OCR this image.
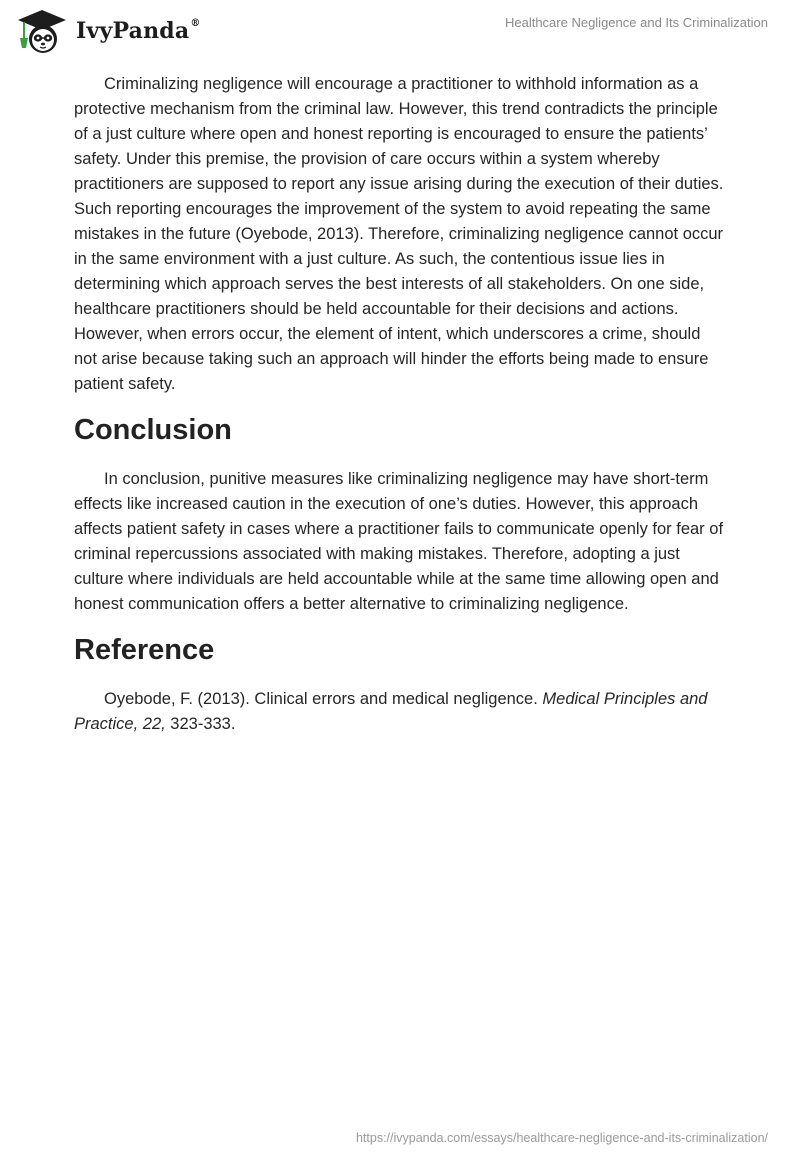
IvyPanda®	Healthcare Negligence and Its Criminalization

Criminalizing negligence will encourage a practitioner to withhold information as a protective mechanism from the criminal law. However, this trend contradicts the principle of a just culture where open and honest reporting is encouraged to ensure the patients’ safety. Under this premise, the provision of care occurs within a system whereby practitioners are supposed to report any issue arising during the execution of their duties. Such reporting encourages the improvement of the system to avoid repeating the same mistakes in the future (Oyebode, 2013). Therefore, criminalizing negligence cannot occur in the same environment with a just culture. As such, the contentious issue lies in determining which approach serves the best interests of all stakeholders. On one side, healthcare practitioners should be held accountable for their decisions and actions. However, when errors occur, the element of intent, which underscores a crime, should not arise because taking such an approach will hinder the efforts being made to ensure patient safety.

Conclusion

In conclusion, punitive measures like criminalizing negligence may have short-term effects like increased caution in the execution of one’s duties. However, this approach affects patient safety in cases where a practitioner fails to communicate openly for fear of criminal repercussions associated with making mistakes. Therefore, adopting a just culture where individuals are held accountable while at the same time allowing open and honest communication offers a better alternative to criminalizing negligence.

Reference

Oyebode, F. (2013). Clinical errors and medical negligence. Medical Principles and Practice, 22, 323-333.

https://ivypanda.com/essays/healthcare-negligence-and-its-criminalization/
